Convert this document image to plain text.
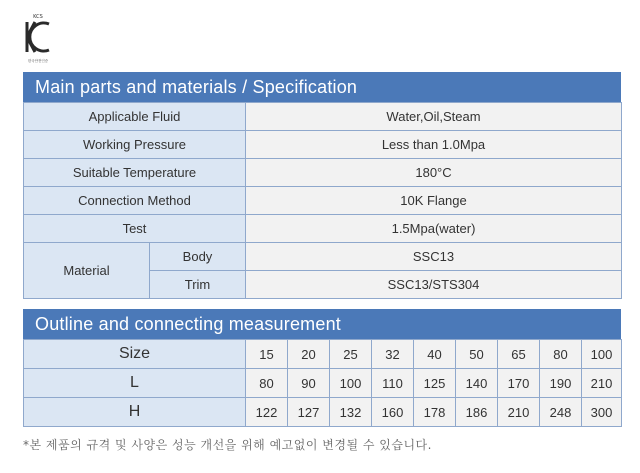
KCS
한국안전인증
Main parts and materials / Specification
Applicable Fluid		Water,Oil,Steam
Working Pressure		Less than 1.0Mpa
Suitable Temperature		180°C
Connection Method		10K Flange
Test		1.5Mpa(water)
Material	Body	SSC13
	Trim	SSC13/STS304
Outline and connecting measurement
Size	15	20	25	32	40	50	65	80	100
L	80	90	100	110	125	140	170	190	210
H	122	127	132	160	178	186	210	248	300
*본 제품의 규격 및 사양은 성능 개선을 위해 예고없이 변경될 수 있습니다.
